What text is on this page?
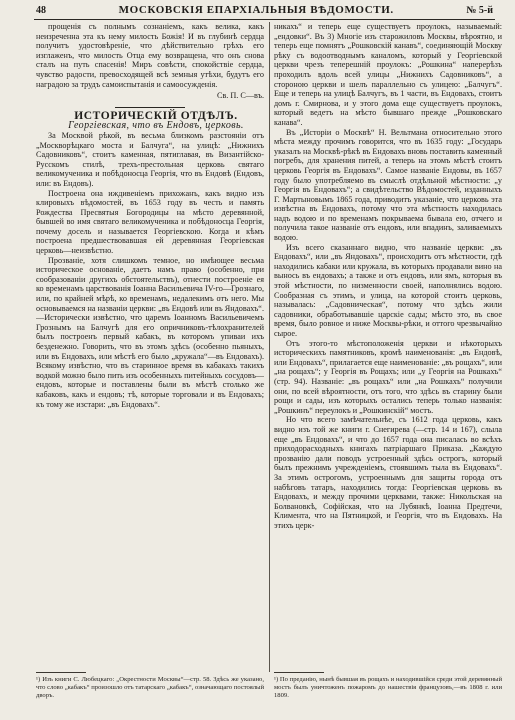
48	МОСКОВСКІЯ ЕПАРХІАЛЬНЫЯ ВѢДОМОСТИ.	№ 5-й

прощенія съ полнымъ сознаніемъ, какъ велика, какъ неизреченна эта къ нему милость Божія! И въ глубинѣ сердца получитъ удостовѣреніе, что дѣйствительно грѣхъ его изглаженъ, что милость Отца ему возвращена, что онъ снова сталъ на путь спасенія! Миръ совѣсти, спокойствіе сердца, чувство радости, превосходящей всѣ земныя утѣхи, будутъ его наградою за трудъ самоиспытанія и самоосужденія.

Св. П. С—въ.

ИСТОРИЧЕСКІЙ ОТДѢЛЪ.

Георгіевская, что въ Ендовъ, церковь.

За Москвой рѣкой, въ весьма близкомъ разстояніи отъ „Москворѣцкаго моста и Балчуга“, на улицѣ: „Нижнихъ Садовниковъ“, стоитъ каменная, пятиглавая, въ Византійско-Русскомъ стилѣ, трехъ-престольная церковь святаго великомученика и побѣдоносца Георгія, что въ Ендовѣ (Ендовъ, или: въ Ендовъ).

Построена она иждивеніемъ прихожанъ, какъ видно изъ клировыхъ вѣдомостей, въ 1653 году въ честь и память Рождества Пресвятыя Богородицы на мѣсто деревянной, бывшей во имя святаго великомученика и побѣдоносца Георгія, почему досель и называется Георгіевскою. Когда и кѣмъ построена предшествовавшая ей деревянная Георгіевская церковь—неизвѣстно.

Прозваніе, хотя слишкомъ темное, но имѣющее весьма историческое основаніе, даетъ намъ право (особенно, при сообразованіи другихъ обстоятельствъ), отнести построеніе ея ко временамъ царствованія Іоанна Васильевича IV-го—Грознаго, или, по крайней мѣрѣ, ко временамъ, недалекимъ отъ него. Мы основываемся на названіи церкви: „въ Ендовѣ или въ Яндовахъ“.—Исторически извѣстно, что царемъ Іоанномъ Васильевичемъ Грознымъ на Балчугѣ для его опричниковъ-тѣлохранителей былъ построенъ первый кабакъ, въ которомъ упиваи ихъ безденежно. Говорить, что въ этомъ здѣсь (особенно пьяныхъ, или въ Ендовахъ, или мѣстѣ его было „кружала“—въ Ендовахъ). Всякому извѣстно, что въ старинное время въ кабакахъ такихъ водкой можно было пить изъ особенныхъ питейныхъ сосудовъ—ендовъ, которые и поставлены были въ мѣстѣ столько же кабаковъ, какъ и ендовъ; тѣ, которые торговали и въ Ендовахъ; къ тому же изстари: „въ Ендовахъ“.

никахъ“ и теперь еще существуетъ проулокъ, называемый: „ендовки“. Въ 3) Многіе изъ старожиловъ Москвы, вѣроятно, и теперь еще помнятъ „Рошковскій канавъ“, соединяющій Москву рѣку съ водоотводнымъ каналомъ, который у Георгіевской церкви чрезъ теперешній проулокъ: „Рошкина“ наперерѣзъ проходилъ вдоль всей улицы „Нижнихъ Садовниковъ“, а стороною церкви и шелъ параллельно съ улицею: „Балчугъ“. Еще и теперь на улицѣ Балчугъ, въ 1 части, въ Ендовахъ, стоитъ домъ г. Смирнова, и у этого дома еще существуетъ проулокъ, который ведетъ на мѣсто бывшаго прежде „Рошковскаго канава“.

Въ „Исторіи о Москвѣ“ Н. Вельтмана относительно этого мѣста между прочимъ говорится, что въ 1635 году: „Государь указалъ на Москвѣ-рѣкѣ въ Ендовахъ вновь поставить каменный погребъ, для хранения питей, а теперь на этомъ мѣстѣ стоитъ церковь Георгія въ Ендовахъ“. Самое названіе Ендовы, въ 1657 году было употребляемо въ смыслѣ отдѣльной мѣстности: „у Георгія въ Ендовахъ“; а свидѣтельство Вѣдомостей, изданныхъ Г. Мартыновымъ 1865 года, приводитъ указаніе, что церковь эта извѣстна въ Ендовахъ, потому что эта мѣстность находилась надъ водою и по временамъ покрываема бывала ею, отчего и получила такое названіе отъ ендовъ, или впадинъ, заливаемыхъ водою.

Изъ всего сказаннаго видно, что названіе церкви: „въ Ендовахъ“, или „въ Яндовахъ“, происходитъ отъ мѣстности, гдѣ находились кабаки или кружала, въ которыхъ продавали вино на вынось въ ендовахъ; а также и отъ ендовъ, или ямъ, которыя въ этой мѣстности, по низменности своей, наполнялись водою. Сообразная съ этимъ, и улица, на которой стоитъ церковь, называлась: „Садовническая“, потому что здѣсь жили садовники, обработывавшіе царскіе сады; мѣсто это, въ свое время, было ровное и ниже Москвы-рѣки, и оттого чрезвычайно сырое.

Отъ этого-то мѣстоположенія церкви и нѣкоторыхъ историческихъ памятниковъ, кромѣ наименованія: „въ Ендовѣ, или Ендовахъ“, прилагается еще наименованіе: „въ рощахъ“, или „на рощахъ“; у Георгія въ Рощахъ; или „у Георгія на Рошкахъ“ (стр. 94). Названіе: „въ рощахъ“ или „на Рошкахъ“ получили они, по всей вѣроятности, отъ того, что здѣсь въ старину были рощи и сады, изъ которыхъ остались теперь только названія: „Рошкинъ“ переулокъ и „Рошкинскій“ мостъ.

Но что всего замѣчательнѣе, съ 1612 года церковь, какъ видно изъ той же книги г. Снегирева (—стр. 14 и 167), слыла еще „въ Ендовахъ“, и что до 1657 года она писалась во всѣхъ приходорасходныхъ книгахъ патріаршаго Приказа. „Каждую прозванію дали поводъ устроенный здѣсь острогъ, который былъ прежнимъ учрежденіемъ, стоявшимъ тыла въ Ендовахъ“. За этимъ острогомъ, устроеннымъ для защиты города отъ набѣговъ татаръ, находились тогда: Георгіевская церковь въ Ендовахъ, и между прочими церквами, также: Никольская на Болвановкѣ, Софійская, что на Лубянкѣ, Іоанна Предтечи, Климента, что на Пятницкой, и Георгія, что въ Ендовахъ. На этихъ церк-

¹) Изъ книги С. Любецкаго: „Окрестности Москвы“—стр. 58. Здѣсь же указано, что слово „кабакъ“ произошло отъ татарскаго „кабакъ“, означающаго постоялый дворъ.
¹) По преданію, нынѣ бывшая въ рощахъ и находившійся среди этой деревянный мостъ былъ уничтоженъ пожаромъ до нашествія французовъ,—въ 1808 г. или 1809.
